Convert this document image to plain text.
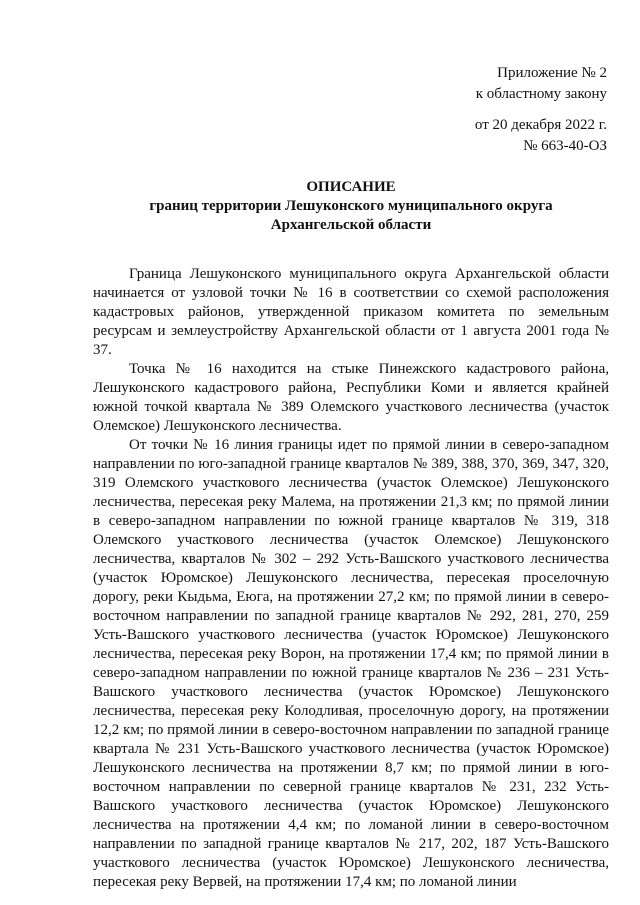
Приложение № 2
к областному закону
от 20 декабря 2022 г.
№ 663-40-ОЗ
ОПИСАНИЕ
границ территории Лешуконского муниципального округа
Архангельской области

Граница Лешуконского муниципального округа Архангельской области начинается от узловой точки № 16 в соответствии со схемой расположения кадастровых районов, утвержденной приказом комитета по земельным ресурсам и землеустройству Архангельской области от 1 августа 2001 года № 37.

Точка № 16 находится на стыке Пинежского кадастрового района, Лешуконского кадастрового района, Республики Коми и является крайней южной точкой квартала № 389 Олемского участкового лесничества (участок Олемское) Лешуконского лесничества.

От точки № 16 линия границы идет по прямой линии в северо-западном направлении по юго-западной границе кварталов № 389, 388, 370, 369, 347, 320, 319 Олемского участкового лесничества (участок Олемское) Лешуконского лесничества, пересекая реку Малема, на протяжении 21,3 км; по прямой линии в северо-западном направлении по южной границе кварталов № 319, 318 Олемского участкового лесничества (участок Олемское) Лешуконского лесничества, кварталов № 302 – 292 Усть-Вашского участкового лесничества (участок Юромское) Лешуконского лесничества, пересекая проселочную дорогу, реки Кыдьма, Еюга, на протяжении 27,2 км; по прямой линии в северо-восточном направлении по западной границе кварталов № 292, 281, 270, 259 Усть-Вашского участкового лесничества (участок Юромское) Лешуконского лесничества, пересекая реку Ворон, на протяжении 17,4 км; по прямой линии в северо-западном направлении по южной границе кварталов № 236 – 231 Усть-Вашского участкового лесничества (участок Юромское) Лешуконского лесничества, пересекая реку Колодливая, проселочную дорогу, на протяжении 12,2 км; по прямой линии в северо-восточном направлении по западной границе квартала № 231 Усть-Вашского участкового лесничества (участок Юромское) Лешуконского лесничества на протяжении 8,7 км; по прямой линии в юго-восточном направлении по северной границе кварталов № 231, 232 Усть-Вашского участкового лесничества (участок Юромское) Лешуконского лесничества на протяжении 4,4 км; по ломаной линии в северо-восточном направлении по западной границе кварталов № 217, 202, 187 Усть-Вашского участкового лесничества (участок Юромское) Лешуконского лесничества, пересекая реку Вервей, на протяжении 17,4 км; по ломаной линии
